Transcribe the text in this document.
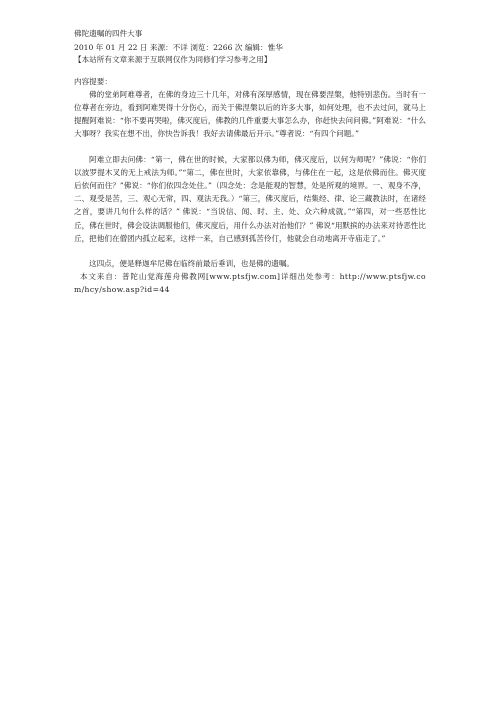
佛陀遗嘱的四件大事
2010 年 01 月 22 日 来源：不详 浏览：2266 次 编辑：惟华
【本站所有文章来源于互联网仅作为同修们学习参考之用】
内容提要：
佛的堂弟阿难尊者，在佛的身边三十几年，对佛有深厚感情，现在佛要涅槃，他特别悲伤。当时有一位尊者在旁边，看到阿难哭得十分伤心，而关于佛涅槃以后的许多大事，如何处理，也不去过问，就马上提醒阿难说：“你不要再哭啦，佛灭度后，佛教的几件重要大事怎么办，你赶快去问问佛。”阿难说：“什么大事呀？我实在想不出，你快告诉我！我好去请佛最后开示。”尊者说：“有四个问题。”
阿难立即去问佛：“第一，佛在世的时候，大家都以佛为师，佛灭度后，以何为师呢？”佛说：“你们以波罗提木叉的无上戒法为师。”“第二，佛在世时，大家依靠佛，与佛住在一起，这是依佛而住。佛灭度后依何而住？”佛说：“你们依四念处住。”（四念处：念是能观的智慧，处是所观的境界。一、观身不净，二、观受是苦，三、观心无常，四、观法无我。）“第三，佛灭度后，结集经、律、论三藏教法时，在诸经之首，要讲几句什么样的话？” 佛说：“当说信、闻、时、主、处、众六种成就。”“第四，对一些恶性比丘，佛在世时，佛会设法调服他们，佛灭度后，用什么办法对治他们？” 佛说“用默摈的办法来对待恶性比丘，把他们在僧团内孤立起来，这样一来，自己感到孤苦伶仃，他就会自动地离开寺庙走了。”
这四点，便是释迦牟尼佛在临终前最后垂训，也是佛的遗嘱。
本文来自：普陀山觉海莲舟佛教网[www.ptsfjw.com]详细出处参考：http://www.ptsfjw.com/hcy/show.asp?id=44
